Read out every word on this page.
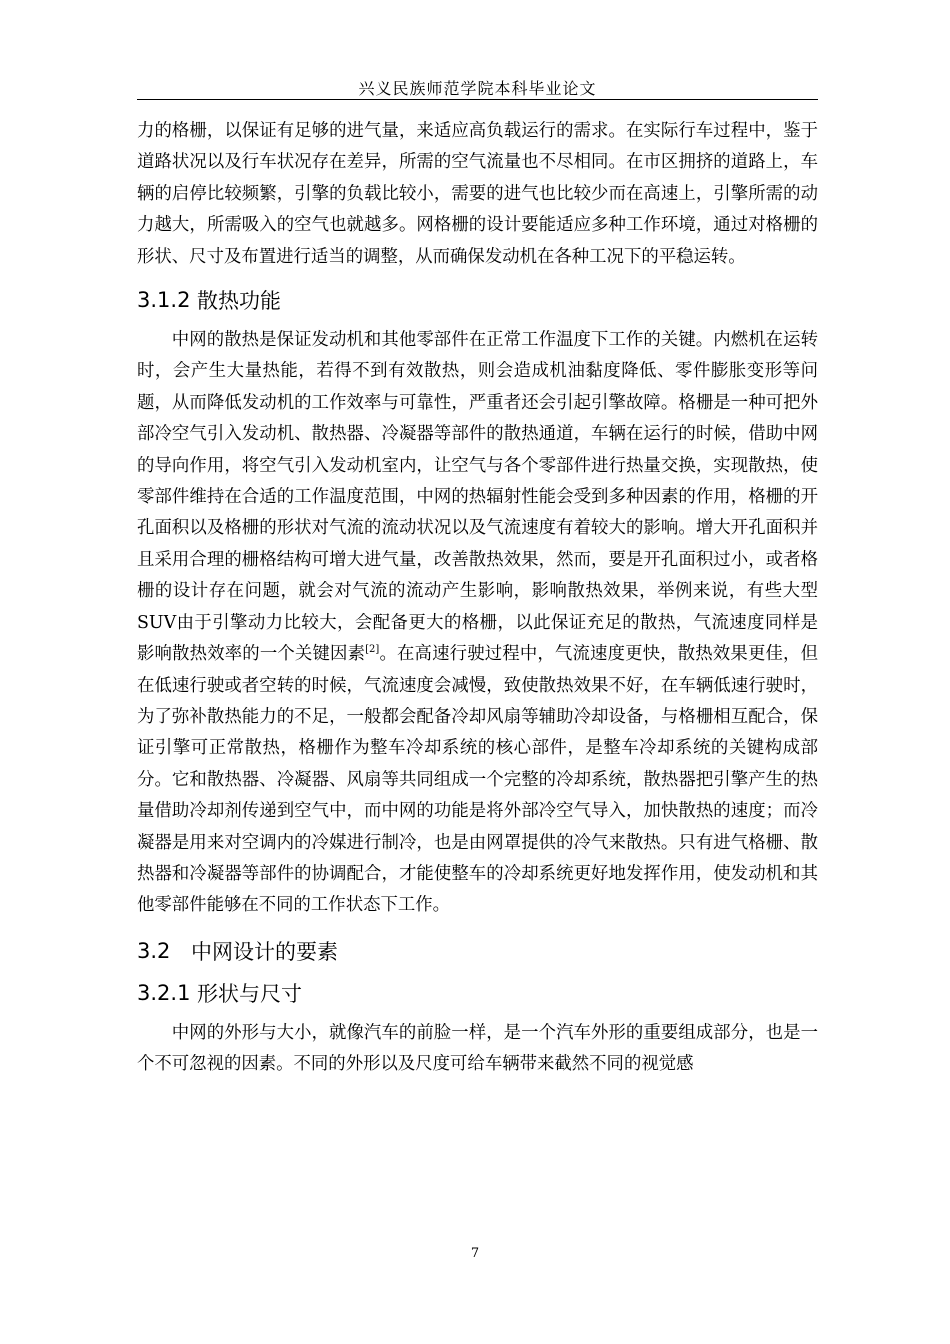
兴义民族师范学院本科毕业论文

力的格栅，以保证有足够的进气量，来适应高负载运行的需求。在实际行车过程中，鉴于道路状况以及行车状况存在差异，所需的空气流量也不尽相同。在市区拥挤的道路上，车辆的启停比较频繁，引擎的负载比较小，需要的进气也比较少而在高速上，引擎所需的动力越大，所需吸入的空气也就越多。网格栅的设计要能适应多种工作环境，通过对格栅的形状、尺寸及布置进行适当的调整，从而确保发动机在各种工况下的平稳运转。

3.1.2 散热功能

中网的散热是保证发动机和其他零部件在正常工作温度下工作的关键。内燃机在运转时，会产生大量热能，若得不到有效散热，则会造成机油黏度降低、零件膨胀变形等问题，从而降低发动机的工作效率与可靠性，严重者还会引起引擎故障。格栅是一种可把外部冷空气引入发动机、散热器、冷凝器等部件的散热通道，车辆在运行的时候，借助中网的导向作用，将空气引入发动机室内，让空气与各个零部件进行热量交换，实现散热，使零部件维持在合适的工作温度范围，中网的热辐射性能会受到多种因素的作用，格栅的开孔面积以及格栅的形状对气流的流动状况以及气流速度有着较大的影响。增大开孔面积并且采用合理的栅格结构可增大进气量，改善散热效果，然而，要是开孔面积过小，或者格栅的设计存在问题，就会对气流的流动产生影响，影响散热效果，举例来说，有些大型SUV由于引擎动力比较大，会配备更大的格栅，以此保证充足的散热，气流速度同样是影响散热效率的一个关键因素[2]。在高速行驶过程中，气流速度更快，散热效果更佳，但在低速行驶或者空转的时候，气流速度会减慢，致使散热效果不好，在车辆低速行驶时，为了弥补散热能力的不足，一般都会配备冷却风扇等辅助冷却设备，与格栅相互配合，保证引擎可正常散热，格栅作为整车冷却系统的核心部件，是整车冷却系统的关键构成部分。它和散热器、冷凝器、风扇等共同组成一个完整的冷却系统，散热器把引擎产生的热量借助冷却剂传递到空气中，而中网的功能是将外部冷空气导入，加快散热的速度；而冷凝器是用来对空调内的冷媒进行制冷，也是由网罩提供的冷气来散热。只有进气格栅、散热器和冷凝器等部件的协调配合，才能使整车的冷却系统更好地发挥作用，使发动机和其他零部件能够在不同的工作状态下工作。

3.2 中网设计的要素
3.2.1 形状与尺寸

中网的外形与大小，就像汽车的前脸一样，是一个汽车外形的重要组成部分，也是一个不可忽视的因素。不同的外形以及尺度可给车辆带来截然不同的视觉感

7
